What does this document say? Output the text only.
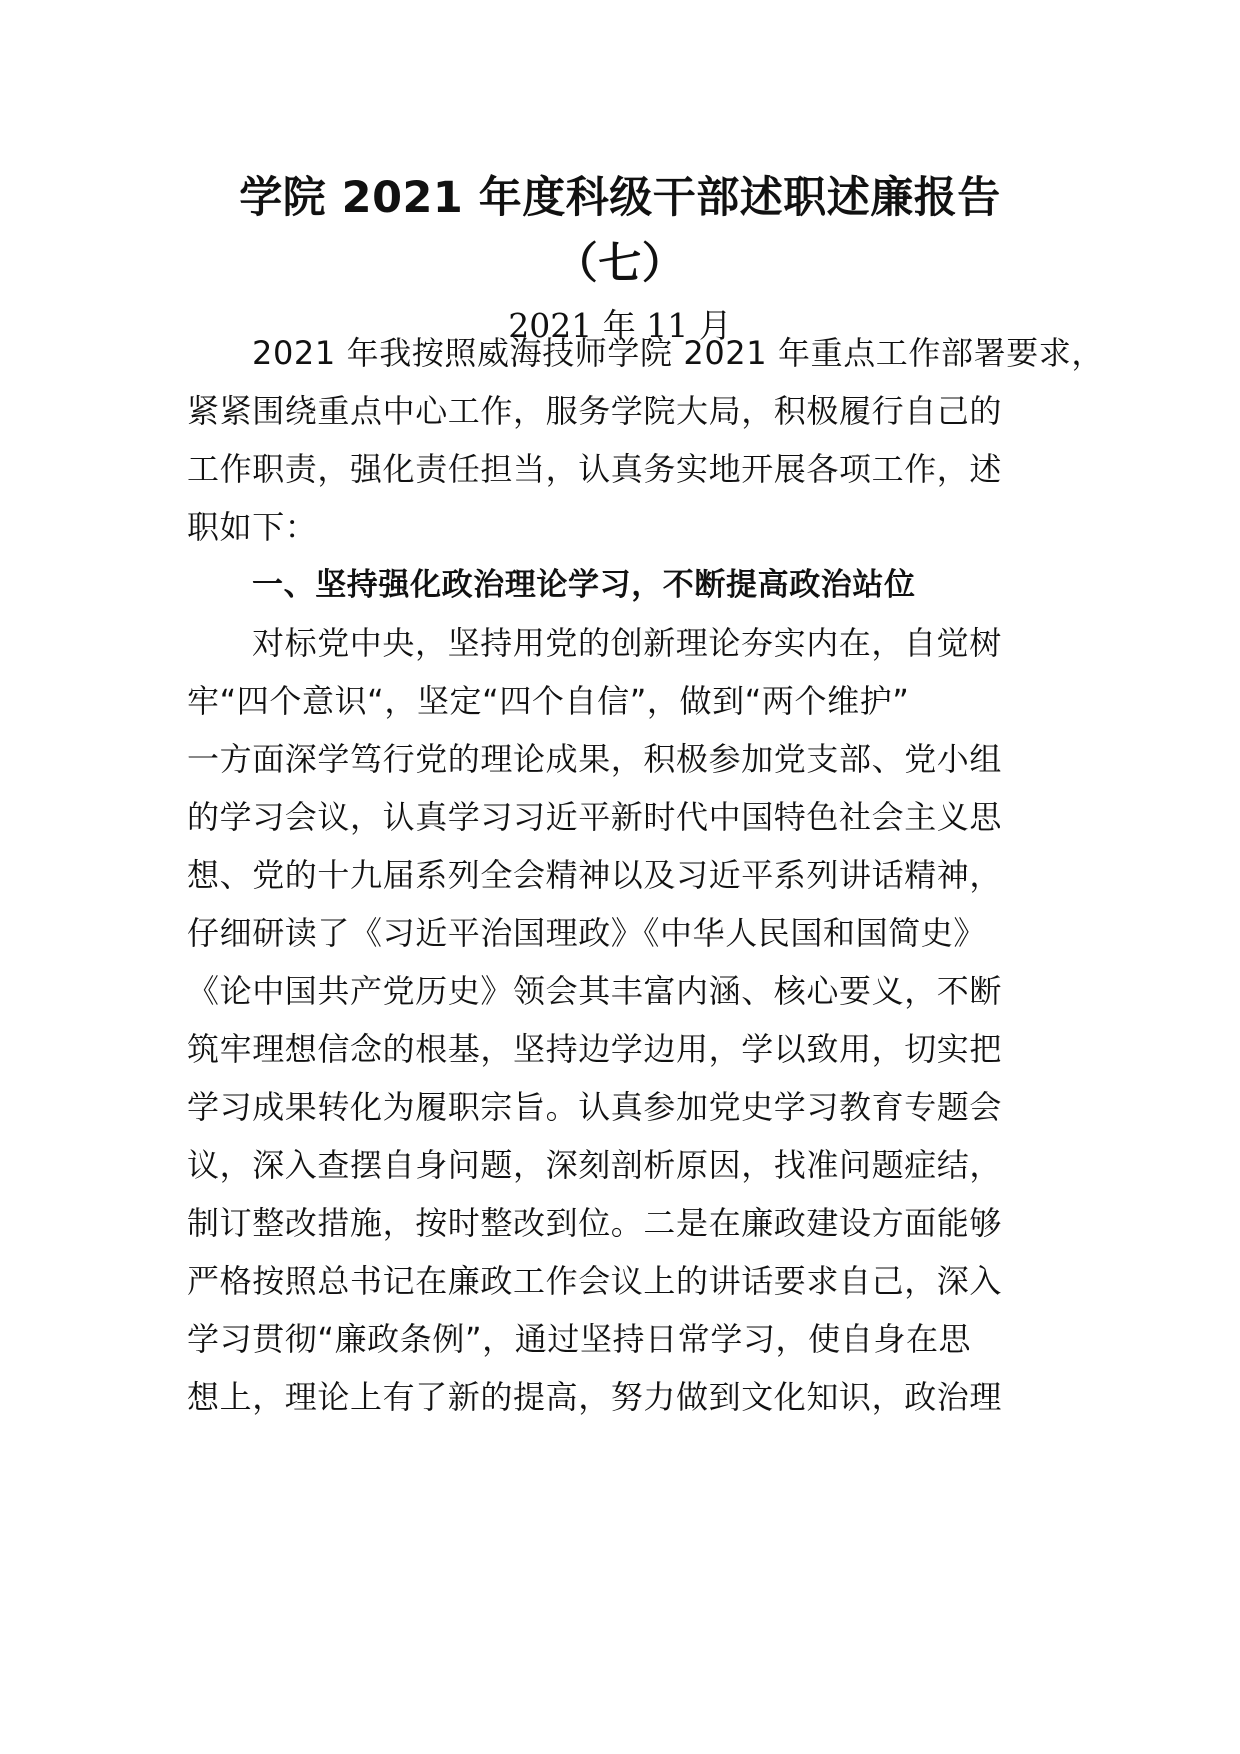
学院 2021 年度科级干部述职述廉报告
（七）
2021 年 11 月
2021 年我按照威海技师学院 2021 年重点工作部署要求，
紧紧围绕重点中心工作，服务学院大局，积极履行自己的
工作职责，强化责任担当，认真务实地开展各项工作，述
职如下：
一、坚持强化政治理论学习，不断提高政治站位
对标党中央，坚持用党的创新理论夯实内在，自觉树
牢“四个意识“，坚定“四个自信”，做到“两个维护”
一方面深学笃行党的理论成果，积极参加党支部、党小组
的学习会议，认真学习习近平新时代中国特色社会主义思
想、党的十九届系列全会精神以及习近平系列讲话精神，
仔细研读了《习近平治国理政》《中华人民国和国简史》
《论中国共产党历史》领会其丰富内涵、核心要义，不断
筑牢理想信念的根基，坚持边学边用，学以致用，切实把
学习成果转化为履职宗旨。认真参加党史学习教育专题会
议，深入查摆自身问题，深刻剖析原因，找准问题症结，
制订整改措施，按时整改到位。二是在廉政建设方面能够
严格按照总书记在廉政工作会议上的讲话要求自己，深入
学习贯彻“廉政条例”，通过坚持日常学习，使自身在思
想上，理论上有了新的提高，努力做到文化知识，政治理
